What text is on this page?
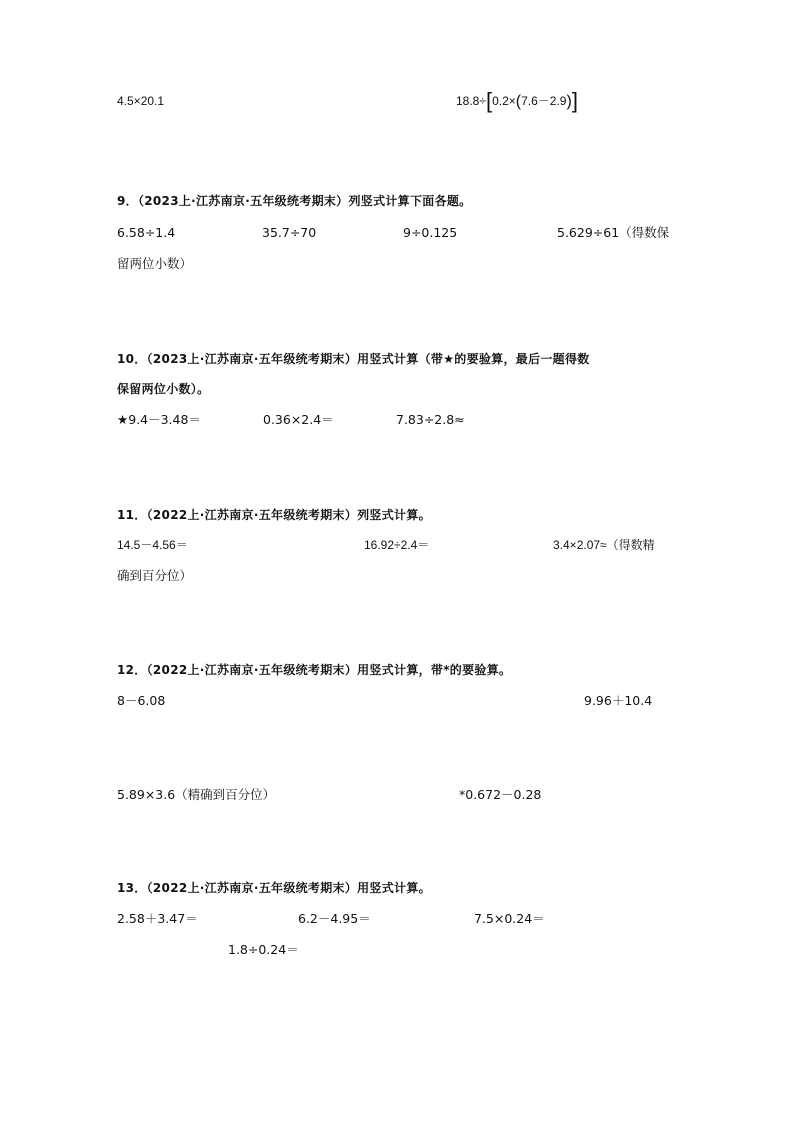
4.5×20.1	18.8÷[0.2×(7.6－2.9)]
9．（2023上·江苏南京·五年级统考期末）列竖式计算下面各题。
6.58÷1.4	35.7÷70	9÷0.125	5.629÷61（得数保
留两位小数）
10．（2023上·江苏南京·五年级统考期末）用竖式计算（带★的要验算，最后一题得数
保留两位小数）。
★9.4－3.48＝	0.36×2.4＝	7.83÷2.8≈
11．（2022上·江苏南京·五年级统考期末）列竖式计算。
14.5－4.56＝	16.92÷2.4＝	3.4×2.07≈（得数精
确到百分位）
12．（2022上·江苏南京·五年级统考期末）用竖式计算，带*的要验算。
8－6.08	9.96＋10.4
5.89×3.6（精确到百分位）	*0.672－0.28
13．（2022上·江苏南京·五年级统考期末）用竖式计算。
2.58＋3.47＝	6.2－4.95＝	7.5×0.24＝
1.8÷0.24＝
